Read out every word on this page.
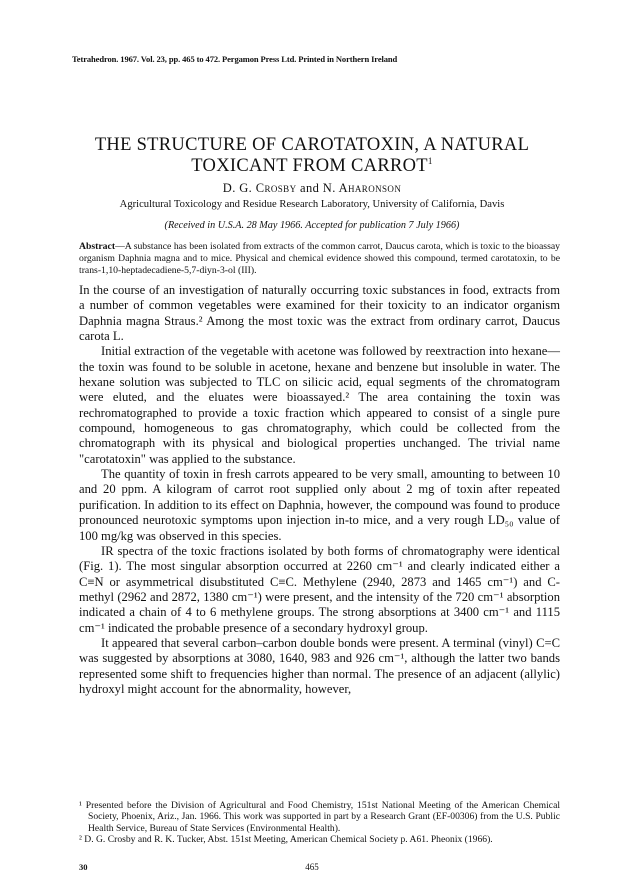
Tetrahedron. 1967. Vol. 23, pp. 465 to 472. Pergamon Press Ltd. Printed in Northern Ireland
THE STRUCTURE OF CAROTATOXIN, A NATURAL
TOXICANT FROM CARROT$^1$
D. G. Crosby and N. Aharonson
Agricultural Toxicology and Residue Research Laboratory, University of California, Davis
(Received in U.S.A. 28 May 1966. Accepted for publication 7 July 1966)
Abstract—A substance has been isolated from extracts of the common carrot, Daucus carota, which is toxic to the bioassay organism Daphnia magna and to mice. Physical and chemical evidence showed this compound, termed carotatoxin, to be trans-1,10-heptadecadiene-5,7-diyn-3-ol (III).

In the course of an investigation of naturally occurring toxic substances in food, extracts from a number of common vegetables were examined for their toxicity to an indicator organism Daphnia magna Straus.² Among the most toxic was the extract from ordinary carrot, Daucus carota L.

Initial extraction of the vegetable with acetone was followed by reextraction into hexane—the toxin was found to be soluble in acetone, hexane and benzene but insoluble in water. The hexane solution was subjected to TLC on silicic acid, equal segments of the chromatogram were eluted, and the eluates were bioassayed.² The area containing the toxin was rechromatographed to provide a toxic fraction which appeared to consist of a single pure compound, homogeneous to gas chromatography, which could be collected from the chromatograph with its physical and biological properties unchanged. The trivial name "carotatoxin" was applied to the substance.

The quantity of toxin in fresh carrots appeared to be very small, amounting to between 10 and 20 ppm. A kilogram of carrot root supplied only about 2 mg of toxin after repeated purification. In addition to its effect on Daphnia, however, the compound was found to produce pronounced neurotoxic symptoms upon injection in-to mice, and a very rough LD₅₀ value of 100 mg/kg was observed in this species.

IR spectra of the toxic fractions isolated by both forms of chromatography were identical (Fig. 1). The most singular absorption occurred at 2260 cm⁻¹ and clearly indicated either a C≡N or asymmetrical disubstituted C≡C. Methylene (2940, 2873 and 1465 cm⁻¹) and C-methyl (2962 and 2872, 1380 cm⁻¹) were present, and the intensity of the 720 cm⁻¹ absorption indicated a chain of 4 to 6 methylene groups. The strong absorptions at 3400 cm⁻¹ and 1115 cm⁻¹ indicated the probable presence of a secondary hydroxyl group.

It appeared that several carbon–carbon double bonds were present. A terminal (vinyl) C=C was suggested by absorptions at 3080, 1640, 983 and 926 cm⁻¹, although the latter two bands represented some shift to frequencies higher than normal. The presence of an adjacent (allylic) hydroxyl might account for the abnormality, however,

¹ Presented before the Division of Agricultural and Food Chemistry, 151st National Meeting of the American Chemical Society, Phoenix, Ariz., Jan. 1966. This work was supported in part by a Research Grant (EF-00306) from the U.S. Public Health Service, Bureau of State Services (Environmental Health).

² D. G. Crosby and R. K. Tucker, Abst. 151st Meeting, American Chemical Society p. A61. Pheonix (1966).

30	465
